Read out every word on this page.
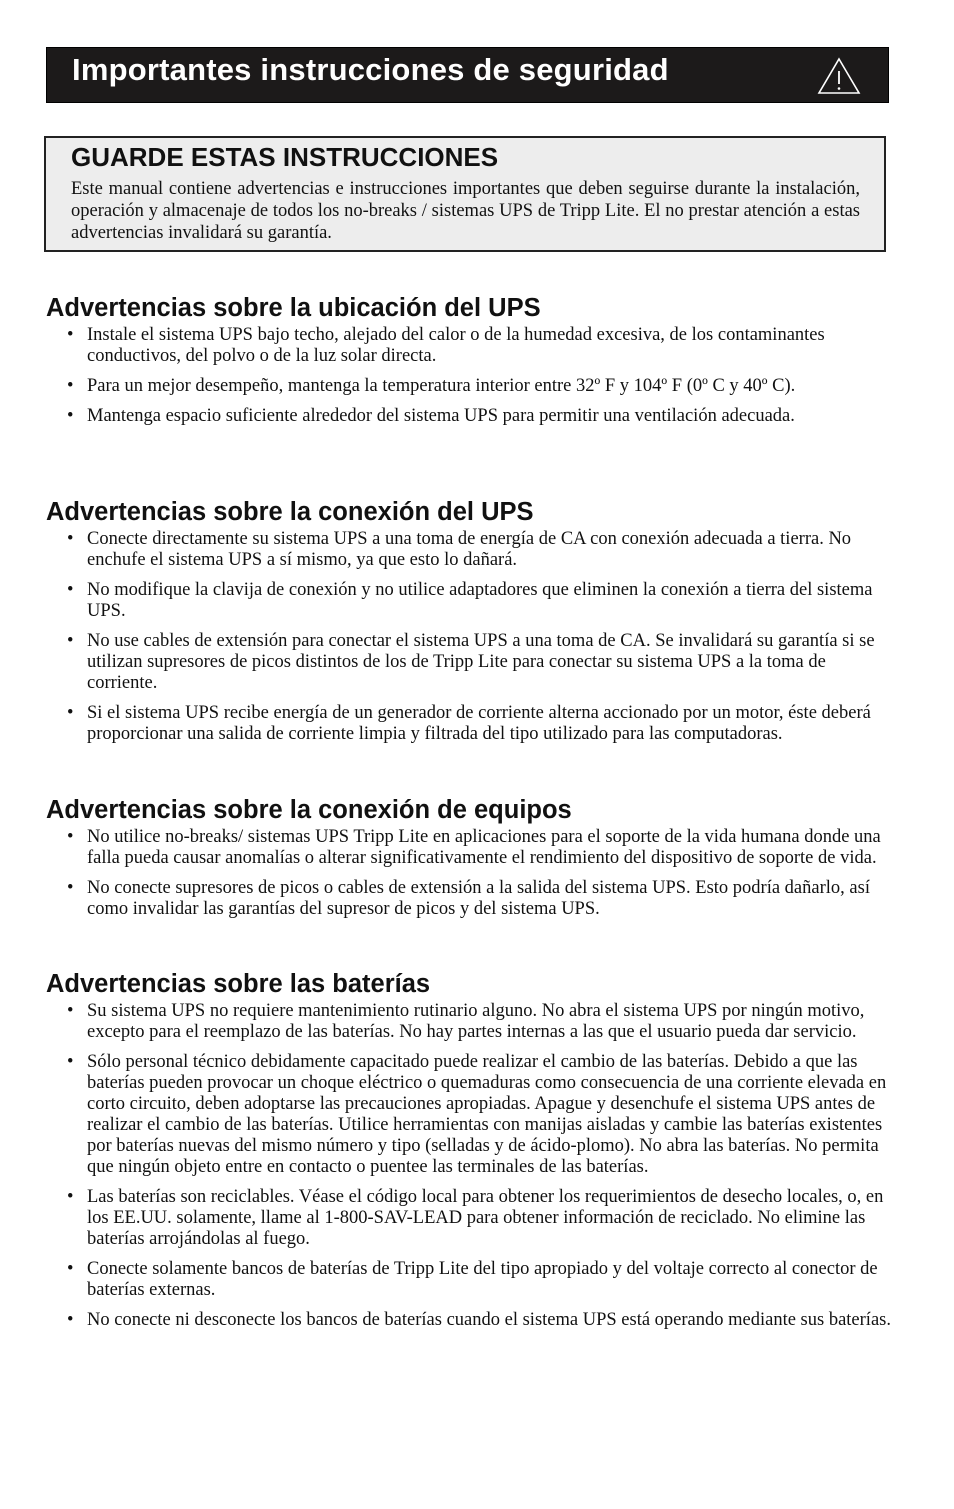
Importantes instrucciones de seguridad
GUARDE ESTAS INSTRUCCIONES
Este manual contiene advertencias e instrucciones importantes que deben seguirse durante la instalación, operación y almacenaje de todos los no-breaks / sistemas UPS de Tripp Lite. El no prestar atención a estas advertencias invalidará su garantía.
Advertencias sobre la ubicación del UPS
• Instale el sistema UPS bajo techo, alejado del calor o de la humedad excesiva, de los contaminantes conductivos, del polvo o de la luz solar directa.
• Para un mejor desempeño, mantenga la temperatura interior entre 32º F y 104º F (0º C y 40º C).
• Mantenga espacio suficiente alrededor del sistema UPS para permitir una ventilación adecuada.
Advertencias sobre la conexión del UPS
• Conecte directamente su sistema UPS a una toma de energía de CA con conexión adecuada a tierra. No enchufe el sistema UPS a sí mismo, ya que esto lo dañará.
• No modifique la clavija de conexión y no utilice adaptadores que eliminen la conexión a tierra del sistema UPS.
• No use cables de extensión para conectar el sistema UPS a una toma de CA. Se invalidará su garantía si se utilizan supresores de picos distintos de los de Tripp Lite para conectar su sistema UPS a la toma de corriente.
• Si el sistema UPS recibe energía de un generador de corriente alterna accionado por un motor, éste deberá proporcionar una salida de corriente limpia y filtrada del tipo utilizado para las computadoras.
Advertencias sobre la conexión de equipos
• No utilice no-breaks/ sistemas UPS Tripp Lite en aplicaciones para el soporte de la vida humana donde una falla pueda causar anomalías o alterar significativamente el rendimiento del dispositivo de soporte de vida.
• No conecte supresores de picos o cables de extensión a la salida del sistema UPS. Esto podría dañarlo, así como invalidar las garantías del supresor de picos y del sistema UPS.
Advertencias sobre las baterías
• Su sistema UPS no requiere mantenimiento rutinario alguno. No abra el sistema UPS por ningún motivo, excepto para el reemplazo de las baterías. No hay partes internas a las que el usuario pueda dar servicio.
• Sólo personal técnico debidamente capacitado puede realizar el cambio de las baterías. Debido a que las baterías pueden provocar un choque eléctrico o quemaduras como consecuencia de una corriente elevada en corto circuito, deben adoptarse las precauciones apropiadas. Apague y desenchufe el sistema UPS antes de realizar el cambio de las baterías. Utilice herramientas con manijas aisladas y cambie las baterías existentes por baterías nuevas del mismo número y tipo (selladas y de ácido-plomo). No abra las baterías. No permita que ningún objeto entre en contacto o puentee las terminales de las baterías.
• Las baterías son reciclables. Véase el código local para obtener los requerimientos de desecho locales, o, en los EE.UU. solamente, llame al 1-800-SAV-LEAD para obtener información de reciclado. No elimine las baterías arrojándolas al fuego.
• Conecte solamente bancos de baterías de Tripp Lite del tipo apropiado y del voltaje correcto al conector de baterías externas.
• No conecte ni desconecte los bancos de baterías cuando el sistema UPS está operando mediante sus baterías.
